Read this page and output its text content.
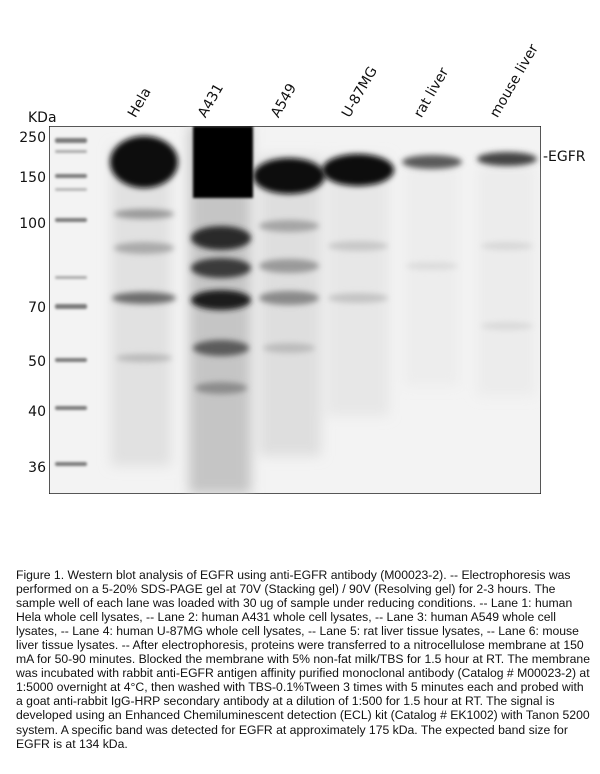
KDa
250
150
100
70
50
40
36
Hela	A431	A549	U-87MG rat liver mouse liver
-EGFR
Figure 1. Western blot analysis of EGFR using anti-EGFR antibody (M00023-2). -- Electrophoresis was performed on a 5-20% SDS-PAGE gel at 70V (Stacking gel) / 90V (Resolving gel) for 2-3 hours. The sample well of each lane was loaded with 30 ug of sample under reducing conditions. -- Lane 1: human Hela whole cell lysates, -- Lane 2: human A431 whole cell lysates, -- Lane 3: human A549 whole cell lysates, -- Lane 4: human U-87MG whole cell lysates, -- Lane 5: rat liver tissue lysates, -- Lane 6: mouse liver tissue lysates. -- After electrophoresis, proteins were transferred to a nitrocellulose membrane at 150 mA for 50-90 minutes. Blocked the membrane with 5% non-fat milk/TBS for 1.5 hour at RT. The membrane was incubated with rabbit anti-EGFR antigen affinity purified monoclonal antibody (Catalog # M00023-2) at 1:5000 overnight at 4°C, then washed with TBS-0.1%Tween 3 times with 5 minutes each and probed with a goat anti-rabbit IgG-HRP secondary antibody at a dilution of 1:500 for 1.5 hour at RT. The signal is developed using an Enhanced Chemiluminescent detection (ECL) kit (Catalog # EK1002) with Tanon 5200 system. A specific band was detected for EGFR at approximately 175 kDa. The expected band size for EGFR is at 134 kDa.
